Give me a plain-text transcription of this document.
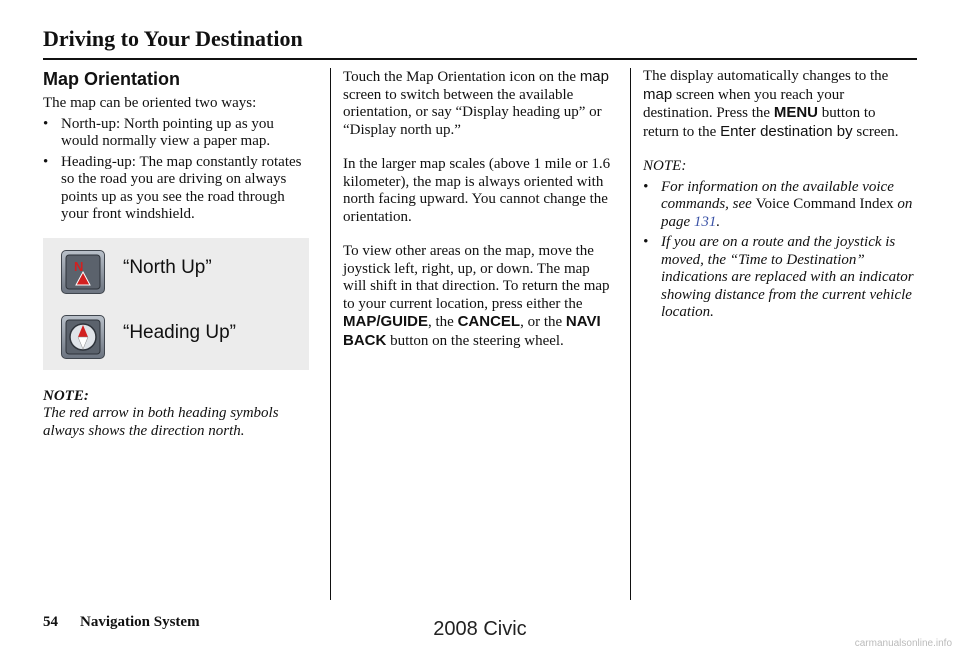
Driving to Your Destination
Map Orientation

The map can be oriented two ways:

• North-up: North pointing up as you would normally view a paper map.
• Heading-up: The map constantly rotates so the road you are driving on always points up as you see the road through your front windshield.
N “North Up”
“Heading Up”

NOTE:
The red arrow in both heading symbols always shows the direction north.

Touch the Map Orientation icon on the map screen to switch between the available orientation, or say “Display heading up” or “Display north up.”

In the larger map scales (above 1 mile or 1.6 kilometer), the map is always oriented with north facing upward. You cannot change the orientation.

To view other areas on the map, move the joystick left, right, up, or down. The map will shift in that direction. To return the map to your current location, press either the MAP/GUIDE, the CANCEL, or the NAVI BACK button on the steering wheel.

The display automatically changes to the map screen when you reach your destination. Press the MENU button to return to the Enter destination by screen.

NOTE:

• For information on the available voice commands, see Voice Command Index on page 131.
• If you are on a route and the joystick is moved, the “Time to Destination” indications are replaced with an indicator showing distance from the current vehicle location.
54 Navigation System	2008 Civic
carmanualsonline.info
